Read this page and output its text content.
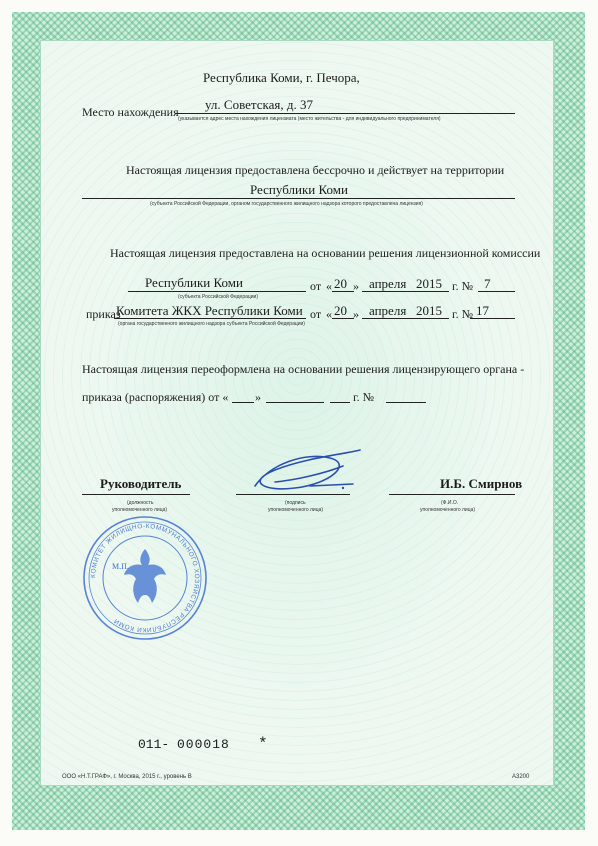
Республика Коми, г. Печора,
Место нахождения ул. Советская, д. 37
(указывается адрес места нахождения лицензиата (место жительства - для индивидуального предпринимателя)
Настоящая лицензия предоставлена бессрочно и действует на территории
Республики Коми
(субъекта Российской Федерации, органом государственного жилищного надзора которого предоставлена лицензия)
Настоящая лицензия предоставлена на основании решения лицензионной комиссии
Республики Коми
(субъекта Российской Федерации)
от « 20 » апреля 2015 г. № 7
приказ
Комитета ЖКХ Республики Коми
(органа государственного жилищного надзора субъекта Российской Федерации)
от « 20 » апреля 2015 г. № 17
Настоящая лицензия переоформлена на основании решения лицензирующего органа -
приказа (распоряжения) от « »	г. №
Руководитель
(должность
уполномоченного лица)
(подпись
уполномоченного лица)
И.Б. Смирнов
(Ф.И.О.
уполномоченного лица)
КОМИТЕТ ЖИЛИЩНО-КОММУНАЛЬНОГО ХОЗЯЙСТВА РЕСПУБЛИКИ КОМИ
М.П.
011- 000018 *
ООО «Н.Т.ГРАФ», г. Москва, 2015 г., уровень В	А3200
